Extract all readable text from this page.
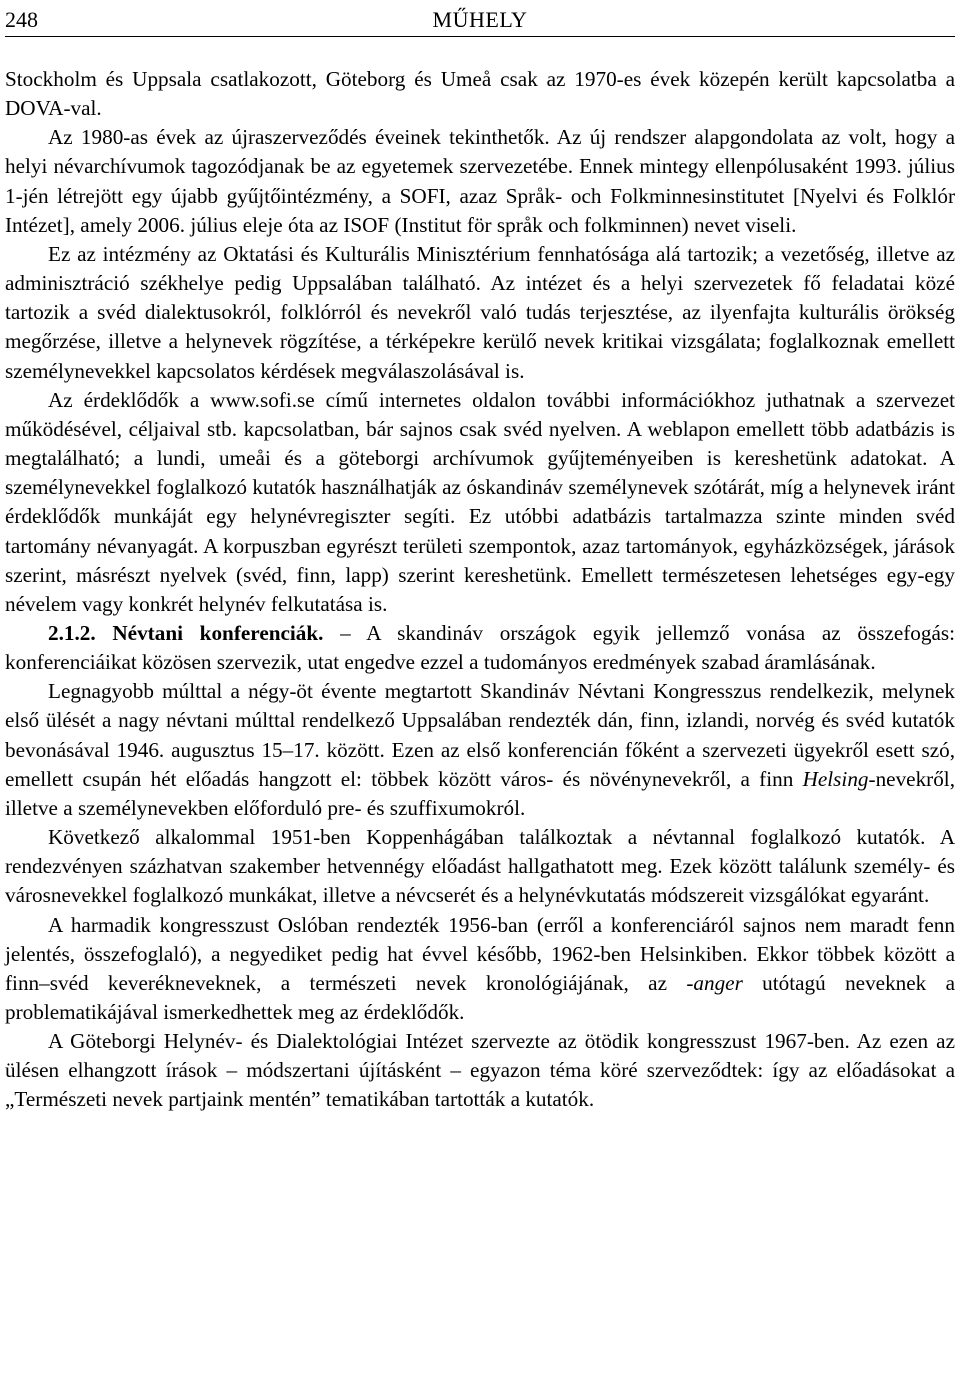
248	MŰHELY

Stockholm és Uppsala csatlakozott, Göteborg és Umeå csak az 1970-es évek közepén került kapcsolatba a DOVA-val.

Az 1980-as évek az újraszerveződés éveinek tekinthetők. Az új rendszer alapgondolata az volt, hogy a helyi névarchívumok tagozódjanak be az egyetemek szervezetébe. Ennek mintegy ellenpólusaként 1993. július 1-jén létrejött egy újabb gyűjtőintézmény, a SOFI, azaz Språk- och Folkminnesinstitutet [Nyelvi és Folklór Intézet], amely 2006. július eleje óta az ISOF (Institut för språk och folkminnen) nevet viseli.

Ez az intézmény az Oktatási és Kulturális Minisztérium fennhatósága alá tartozik; a vezetőség, illetve az adminisztráció székhelye pedig Uppsalában található. Az intézet és a helyi szervezetek fő feladatai közé tartozik a svéd dialektusokról, folklórról és nevekről való tudás terjesztése, az ilyenfajta kulturális örökség megőrzése, illetve a helynevek rögzítése, a térképekre kerülő nevek kritikai vizsgálata; foglalkoznak emellett személynevekkel kapcsolatos kérdések megválaszolásával is.

Az érdeklődők a www.sofi.se című internetes oldalon további információkhoz juthatnak a szervezet működésével, céljaival stb. kapcsolatban, bár sajnos csak svéd nyelven. A weblapon emellett több adatbázis is megtalálható; a lundi, umeåi és a göteborgi archívumok gyűjteményeiben is kereshetünk adatokat. A személynevekkel foglalkozó kutatók használhatják az óskandináv személynevek szótárát, míg a helynevek iránt érdeklődők munkáját egy helynévregiszter segíti. Ez utóbbi adatbázis tartalmazza szinte minden svéd tartomány névanyagát. A korpuszban egyrészt területi szempontok, azaz tartományok, egyházközségek, járások szerint, másrészt nyelvek (svéd, finn, lapp) szerint kereshetünk. Emellett természetesen lehetséges egy-egy névelem vagy konkrét helynév felkutatása is.

2.1.2. Névtani konferenciák. – A skandináv országok egyik jellemző vonása az összefogás: konferenciáikat közösen szervezik, utat engedve ezzel a tudományos eredmények szabad áramlásának.

Legnagyobb múlttal a négy-öt évente megtartott Skandináv Névtani Kongresszus rendelkezik, melynek első ülését a nagy névtani múlttal rendelkező Uppsalában rendezték dán, finn, izlandi, norvég és svéd kutatók bevonásával 1946. augusztus 15–17. között. Ezen az első konferencián főként a szervezeti ügyekről esett szó, emellett csupán hét előadás hangzott el: többek között város- és növénynevekről, a finn Helsing-nevekről, illetve a személynevekben előforduló pre- és szuffixumokról.

Következő alkalommal 1951-ben Koppenhágában találkoztak a névtannal foglalkozó kutatók. A rendezvényen százhatvan szakember hetvennégy előadást hallgathatott meg. Ezek között találunk személy- és városnevekkel foglalkozó munkákat, illetve a névcserét és a helynévkutatás módszereit vizsgálókat egyaránt.

A harmadik kongresszust Oslóban rendezték 1956-ban (erről a konferenciáról sajnos nem maradt fenn jelentés, összefoglaló), a negyediket pedig hat évvel később, 1962-ben Helsinkiben. Ekkor többek között a finn–svéd keverékneveknek, a természeti nevek kronológiájának, az -anger utótagú neveknek a problematikájával ismerkedhettek meg az érdeklődők.

A Göteborgi Helynév- és Dialektológiai Intézet szervezte az ötödik kongresszust 1967-ben. Az ezen az ülésen elhangzott írások – módszertani újításként – egyazon téma köré szerveződtek: így az előadásokat a „Természeti nevek partjaink mentén” tematikában tartották a kutatók.
